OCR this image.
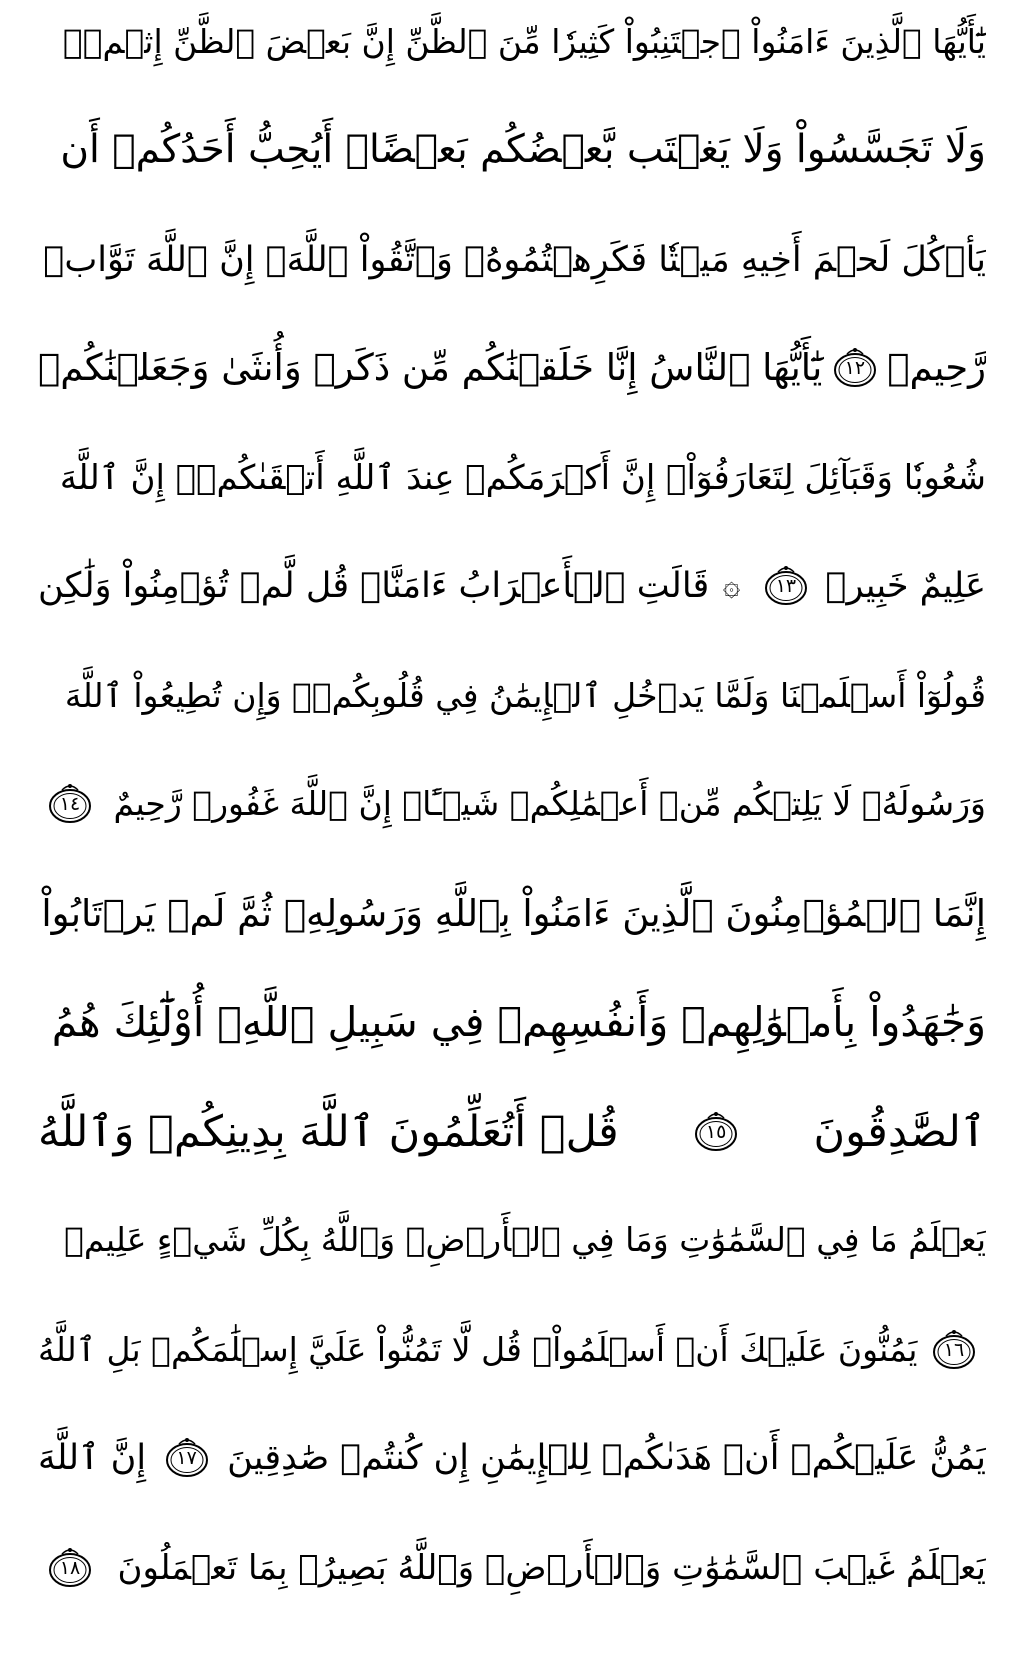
يَٰٓأَيُّهَا ٱلَّذِينَ ءَامَنُواْ ٱجۡتَنِبُواْ كَثِيرٗا مِّنَ ٱلظَّنِّ إِنَّ بَعۡضَ ٱلظَّنِّ إِثۡمٞۖ
وَلَا تَجَسَّسُواْ وَلَا يَغۡتَب بَّعۡضُكُم بَعۡضًاۚ أَيُحِبُّ أَحَدُكُمۡ أَن
يَأۡكُلَ لَحۡمَ أَخِيهِ مَيۡتٗا فَكَرِهۡتُمُوهُۚ وَٱتَّقُواْ ٱللَّهَۚ إِنَّ ٱللَّهَ تَوَّابٞ
رَّحِيمٞ
١٢
يَٰٓأَيُّهَا ٱلنَّاسُ إِنَّا خَلَقۡنَٰكُم مِّن ذَكَرٖ وَأُنثَىٰ وَجَعَلۡنَٰكُمۡ
شُعُوبٗا وَقَبَآئِلَ لِتَعَارَفُوٓاْۚ إِنَّ أَكۡرَمَكُمۡ عِندَ ٱللَّهِ أَتۡقَىٰكُمۡۚ إِنَّ ٱللَّهَ
عَلِيمٌ خَبِيرٞ
١٣
۞
قَالَتِ ٱلۡأَعۡرَابُ ءَامَنَّاۖ قُل لَّمۡ تُؤۡمِنُواْ وَلَٰكِن
قُولُوٓاْ أَسۡلَمۡنَا وَلَمَّا يَدۡخُلِ ٱلۡإِيمَٰنُ فِي قُلُوبِكُمۡۖ وَإِن تُطِيعُواْ ٱللَّهَ
وَرَسُولَهُۥ لَا يَلِتۡكُم مِّنۡ أَعۡمَٰلِكُمۡ شَيۡـًٔاۚ إِنَّ ٱللَّهَ غَفُورٞ رَّحِيمٌ
١٤
إِنَّمَا ٱلۡمُؤۡمِنُونَ ٱلَّذِينَ ءَامَنُواْ بِٱللَّهِ وَرَسُولِهِۦ ثُمَّ لَمۡ يَرۡتَابُواْ
وَجَٰهَدُواْ بِأَمۡوَٰلِهِمۡ وَأَنفُسِهِمۡ فِي سَبِيلِ ٱللَّهِۚ أُوْلَٰٓئِكَ هُمُ
ٱلصَّٰدِقُونَ
١٥
قُلۡ أَتُعَلِّمُونَ ٱللَّهَ بِدِينِكُمۡ وَٱللَّهُ
يَعۡلَمُ مَا فِي ٱلسَّمَٰوَٰتِ وَمَا فِي ٱلۡأَرۡضِۚ وَٱللَّهُ بِكُلِّ شَيۡءٍ عَلِيمٞ
١٦
يَمُنُّونَ عَلَيۡكَ أَنۡ أَسۡلَمُواْۖ قُل لَّا تَمُنُّواْ عَلَيَّ إِسۡلَٰمَكُمۖ بَلِ ٱللَّهُ
يَمُنُّ عَلَيۡكُمۡ أَنۡ هَدَىٰكُمۡ لِلۡإِيمَٰنِ إِن كُنتُمۡ صَٰدِقِينَ
١٧
إِنَّ ٱللَّهَ
يَعۡلَمُ غَيۡبَ ٱلسَّمَٰوَٰتِ وَٱلۡأَرۡضِۚ وَٱللَّهُ بَصِيرُۢ بِمَا تَعۡمَلُونَ
١٨
